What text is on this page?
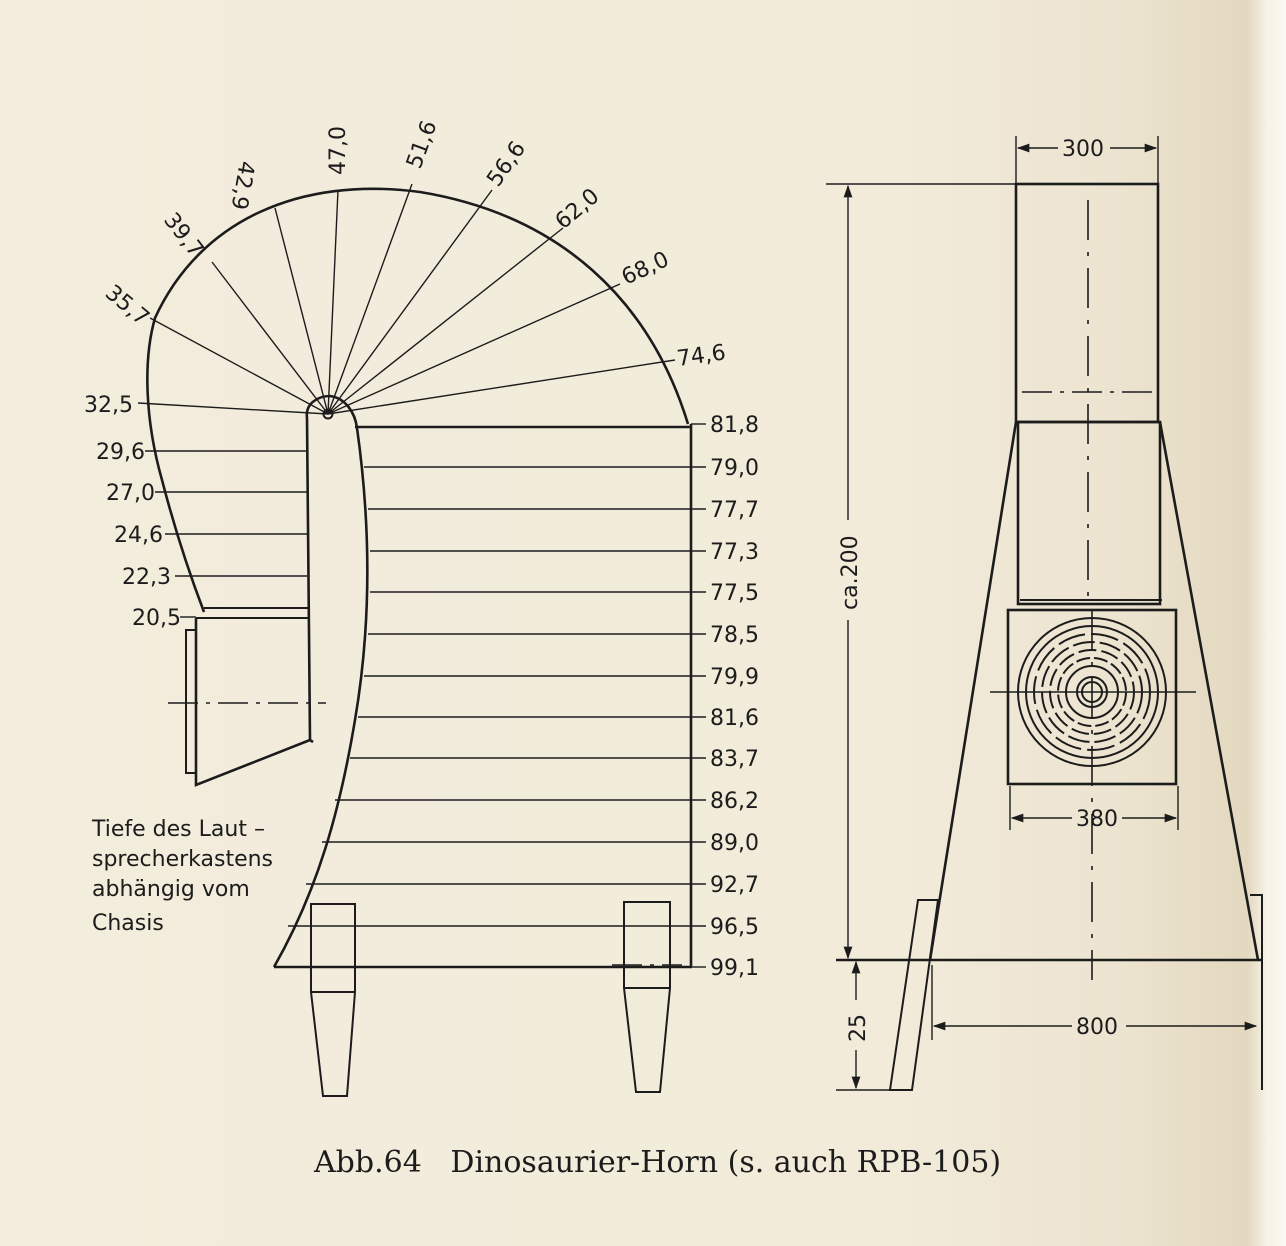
35,7
39,7
42,9
47,0 51,6 56,6
62,0
68,0
74,6
32,5
29,6
27,0
24,6
22,3
20,5
81,8
79,0
77,7
77,3
77,5
78,5
79,9
81,6
83,7
86,2
89,0
92,7
96,5
99,1
Tiefe des Laut –
sprecherkastens
abhängig vom
Chasis
300
ca.200
380
25	800
Abb.64   Dinosaurier-Horn (s. auch RPB-105)
